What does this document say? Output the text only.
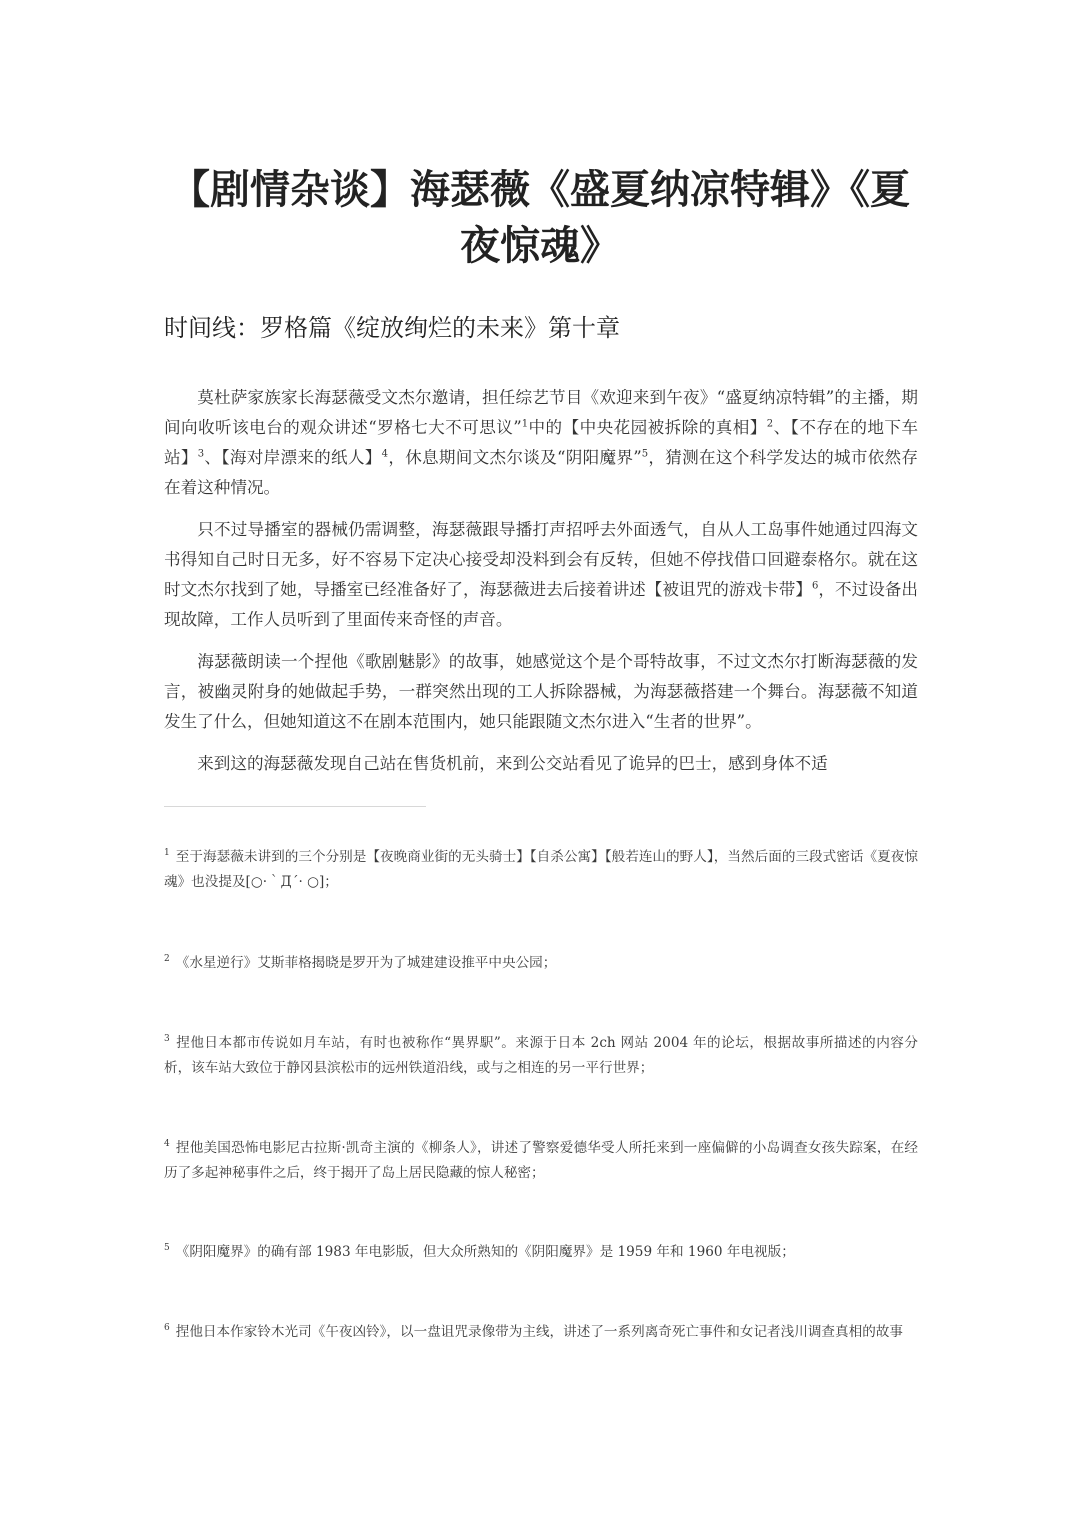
【剧情杂谈】海瑟薇《盛夏纳凉特辑》《夏
夜惊魂》
时间线：罗格篇《绽放绚烂的未来》第十章

莫杜萨家族家长海瑟薇受文杰尔邀请，担任综艺节目《欢迎来到午夜》“盛夏纳凉特辑”的主播，期间向收听该电台的观众讲述“罗格七大不可思议”$^1$中的【中央花园被拆除的真相】$^2$、【不存在的地下车站】$^3$、【海对岸漂来的纸人】$^4$，休息期间文杰尔谈及“阴阳魔界”$^5$，猜测在这个科学发达的城市依然存在着这种情况。

只不过导播室的器械仍需调整，海瑟薇跟导播打声招呼去外面透气，自从人工岛事件她通过四海文书得知自己时日无多，好不容易下定决心接受却没料到会有反转，但她不停找借口回避泰格尔。就在这时文杰尔找到了她，导播室已经准备好了，海瑟薇进去后接着讲述【被诅咒的游戏卡带】$^6$，不过设备出现故障，工作人员听到了里面传来奇怪的声音。

海瑟薇朗读一个捏他《歌剧魅影》的故事，她感觉这个是个哥特故事，不过文杰尔打断海瑟薇的发言，被幽灵附身的她做起手势，一群突然出现的工人拆除器械，为海瑟薇搭建一个舞台。海瑟薇不知道发生了什么，但她知道这不在剧本范围内，她只能跟随文杰尔进入“生者的世界”。

来到这的海瑟薇发现自己站在售货机前，来到公交站看见了诡异的巴士，感到身体不适

$^1$ 至于海瑟薇未讲到的三个分别是【夜晚商业街的无头骑士】【自杀公寓】【般若连山的野人】，当然后面的三段式密话《夏夜惊魂》也没提及[○·｀Д´· ○]；

$^2$ 《水星逆行》艾斯菲格揭晓是罗开为了城建建设推平中央公园；

$^3$ 捏他日本都市传说如月车站，有时也被称作“異界駅”。来源于日本 2ch 网站 2004 年的论坛，根据故事所描述的内容分析，该车站大致位于静冈县滨松市的远州铁道沿线，或与之相连的另一平行世界；

$^4$ 捏他美国恐怖电影尼古拉斯·凯奇主演的《柳条人》，讲述了警察爱德华受人所托来到一座偏僻的小岛调查女孩失踪案，在经历了多起神秘事件之后，终于揭开了岛上居民隐藏的惊人秘密；

$^5$ 《阴阳魔界》的确有部 1983 年电影版，但大众所熟知的《阴阳魔界》是 1959 年和 1960 年电视版；

$^6$ 捏他日本作家铃木光司《午夜凶铃》，以一盘诅咒录像带为主线，讲述了一系列离奇死亡事件和女记者浅川调查真相的故事
